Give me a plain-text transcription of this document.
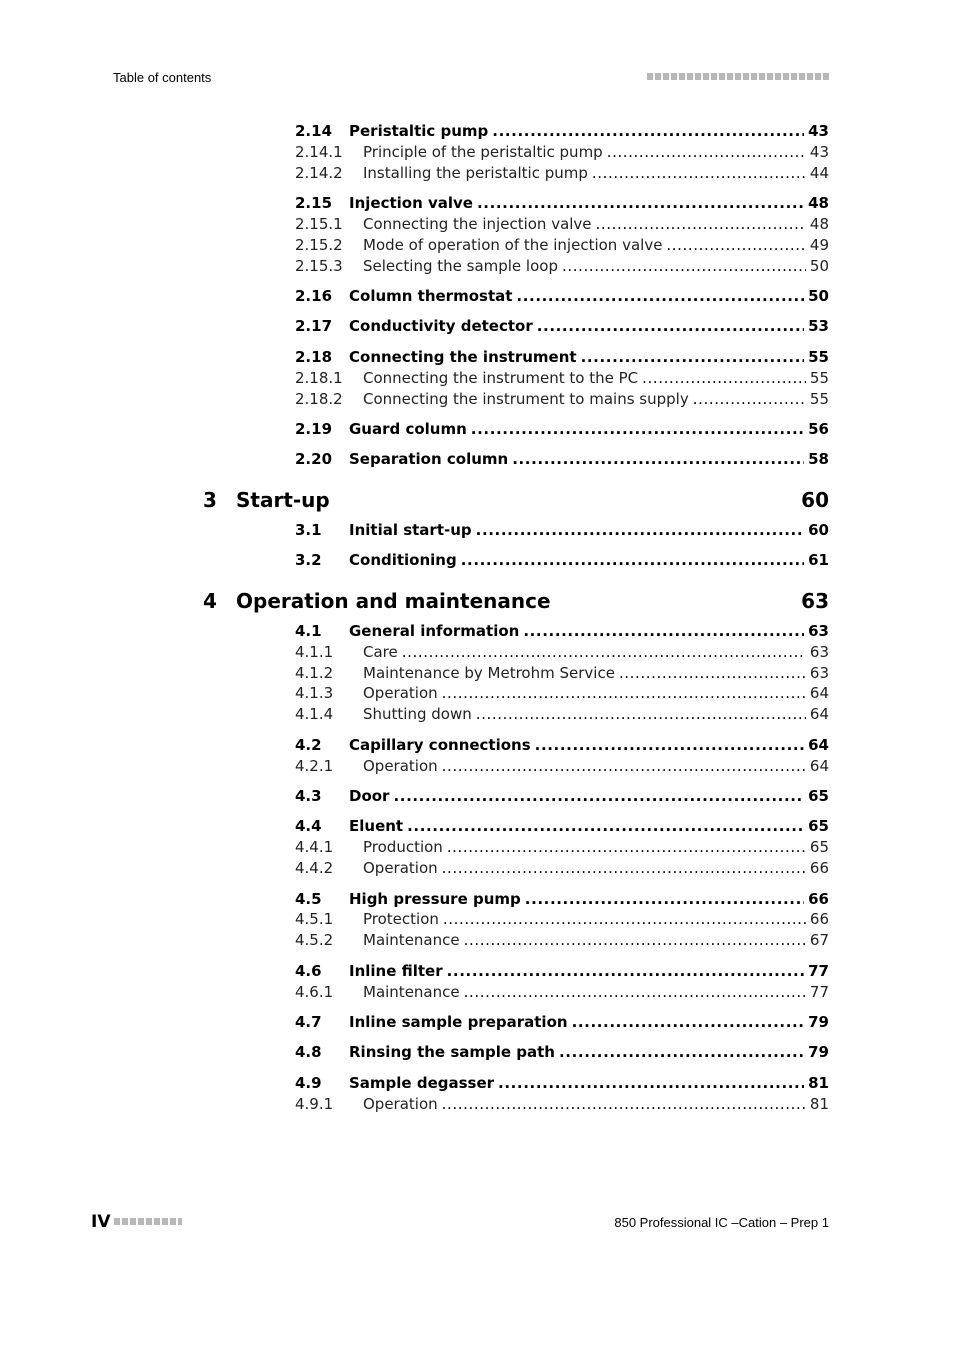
Table of contents
2.14 Peristaltic pump .....	43
2.14.1 Principle of the peristaltic pump .....	43
2.14.2 Installing the peristaltic pump .....	44
2.15 Injection valve .....	48
2.15.1 Connecting the injection valve .....	48
2.15.2 Mode of operation of the injection valve .....	49
2.15.3 Selecting the sample loop .....	50
2.16 Column thermostat .....	50
2.17 Conductivity detector .....	53
2.18 Connecting the instrument .....	55
2.18.1 Connecting the instrument to the PC .....	55
2.18.2 Connecting the instrument to mains supply .....	55
2.19 Guard column .....	56
2.20 Separation column .....	58
3 Start-up	60
3.1 Initial start-up .....	60
3.2 Conditioning .....	61
4 Operation and maintenance	63
4.1 General information .....	63
4.1.1 Care .....	63
4.1.2 Maintenance by Metrohm Service .....	63
4.1.3 Operation .....	64
4.1.4 Shutting down .....	64
4.2 Capillary connections .....	64
4.2.1 Operation .....	64
4.3 Door .....	65
4.4 Eluent .....	65
4.4.1 Production .....	65
4.4.2 Operation .....	66
4.5 High pressure pump .....	66
4.5.1 Protection .....	66
4.5.2 Maintenance .....	67
4.6 Inline filter .....	77
4.6.1 Maintenance .....	77
4.7 Inline sample preparation .....	79
4.8 Rinsing the sample path .....	79
4.9 Sample degasser .....	81
4.9.1 Operation .....	81
IV	850 Professional IC –Cation – Prep 1
